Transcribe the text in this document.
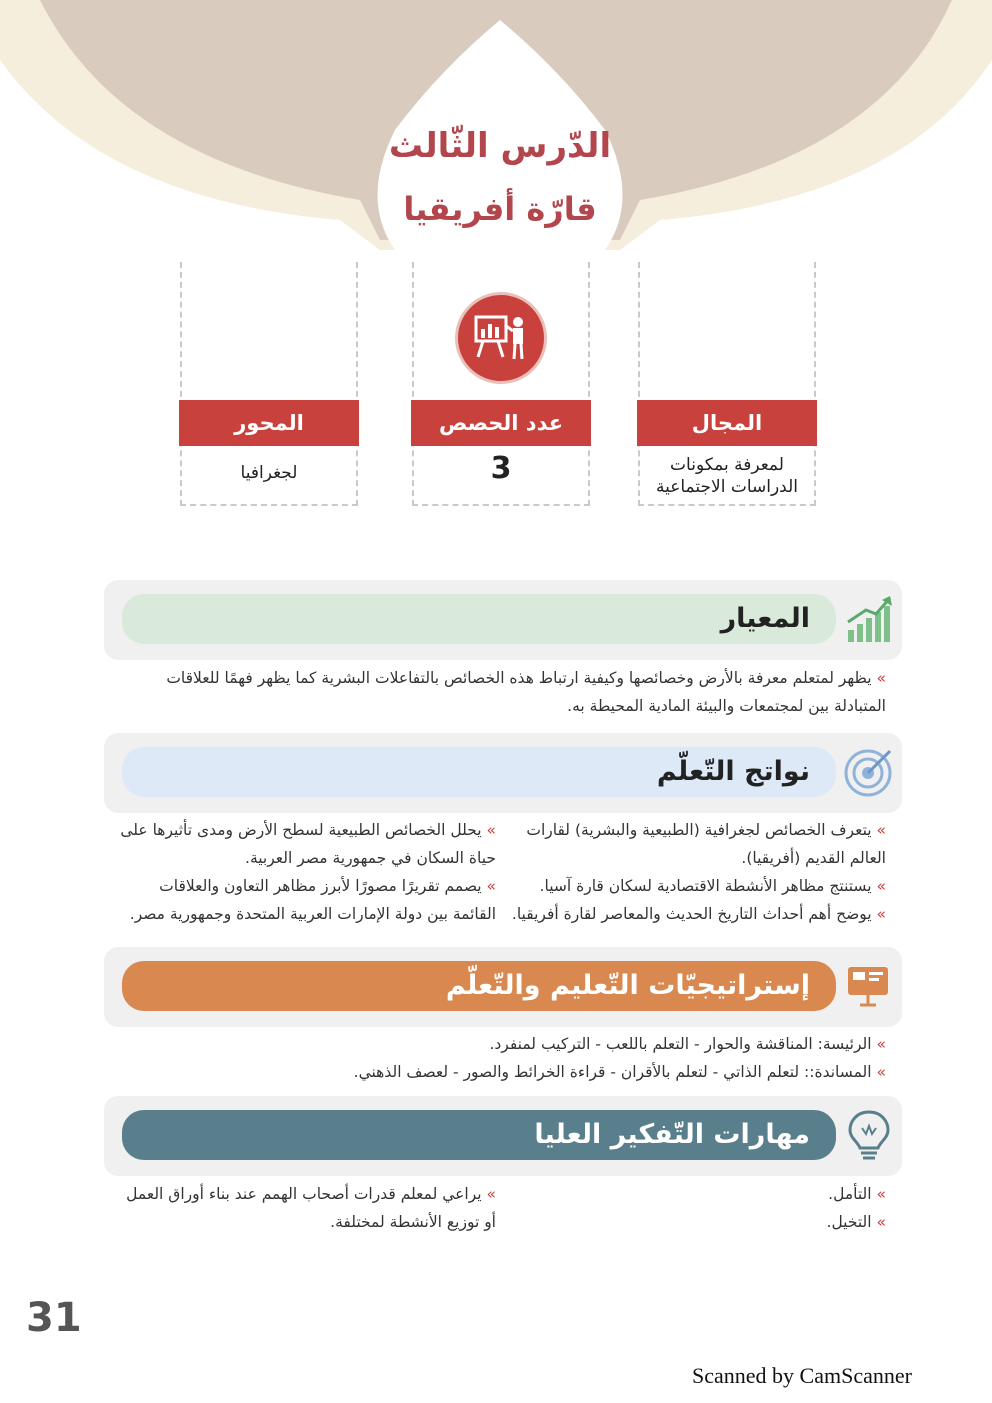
الدّرس الثّالث
قارّة أفريقيا
المحور
لجغرافيا
عدد الحصص
3
المجال
لمعرفة بمكونات الدراسات الاجتماعية
المعيار
» يظهر لمتعلم معرفة بالأرض وخصائصها وكيفية ارتباط هذه الخصائص بالتفاعلات البشرية كما يظهر فهمًا للعلاقات المتبادلة بين لمجتمعات والبيئة المادية المحيطة به.
نواتج التّعلّم
» يتعرف الخصائص لجغرافية (الطبيعية والبشرية) لقارات العالم القديم (أفريقيا).
» يستنتج مظاهر الأنشطة الاقتصادية لسكان قارة آسيا.
» يوضح أهم أحداث التاريخ الحديث والمعاصر لقارة أفريقيا.
» يحلل الخصائص الطبيعية لسطح الأرض ومدى تأثيرها على حياة السكان في جمهورية مصر العربية.
» يصمم تقريرًا مصورًا لأبرز مظاهر التعاون والعلاقات القائمة بين دولة الإمارات العربية المتحدة وجمهورية مصر.
إستراتيجيّات التّعليم والتّعلّم
» الرئيسة: المناقشة والحوار - التعلم باللعب - التركيب لمنفرد.
» المساندة:: لتعلم الذاتي - لتعلم بالأقران - قراءة الخرائط والصور - لعصف الذهني.
مهارات التّفكير العليا
» التأمل.
» التخيل.
» يراعي لمعلم قدرات أصحاب الهمم عند بناء أوراق العمل أو توزيع الأنشطة لمختلفة.
31
Scanned by CamScanner
